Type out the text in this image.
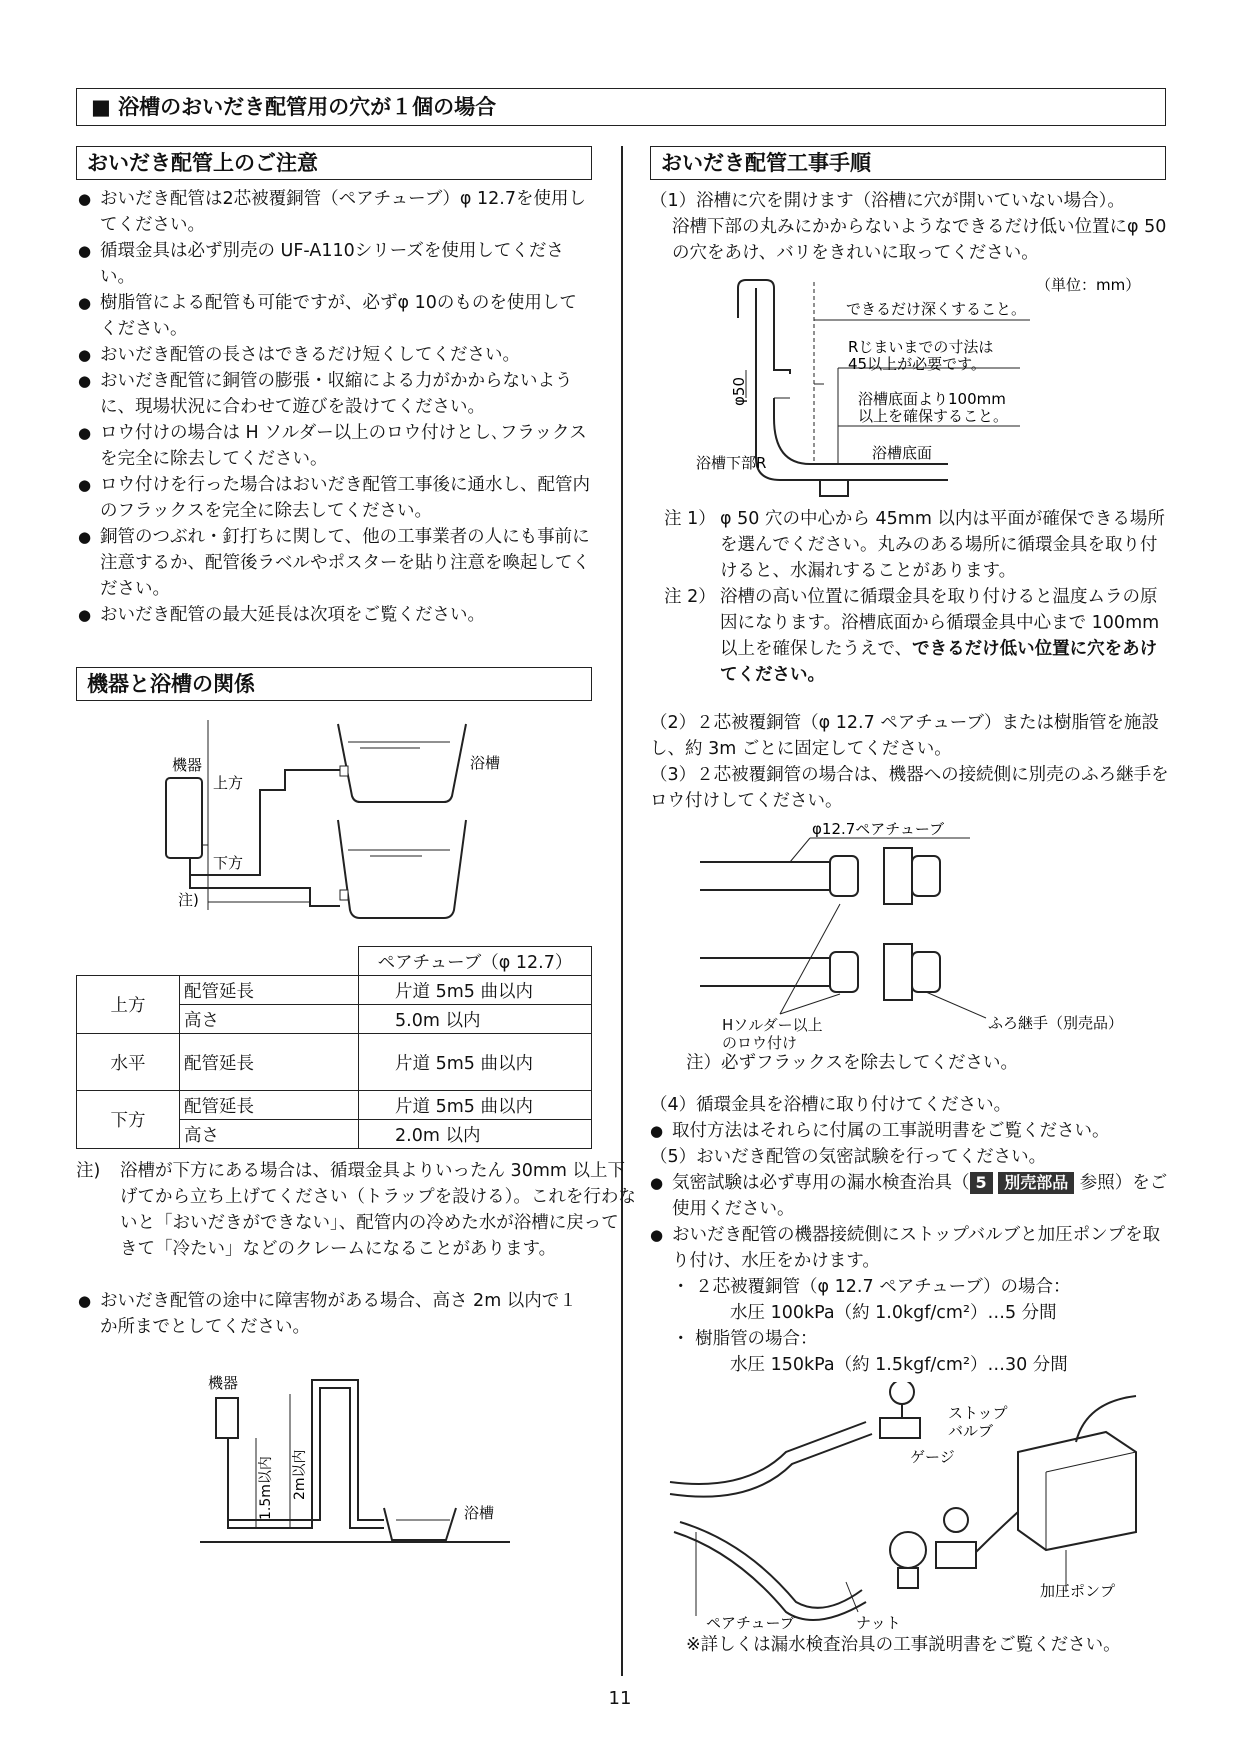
■ 浴槽のおいだき配管用の穴が１個の場合
おいだき配管上のご注意
● おいだき配管は2芯被覆銅管（ペアチューブ）φ 12.7を使用してください。
● 循環金具は必ず別売の UF-A110シリーズを使用してください。
● 樹脂管による配管も可能ですが、必ずφ 10のものを使用してください。
● おいだき配管の長さはできるだけ短くしてください。
● おいだき配管に銅管の膨張・収縮による力がかからないように、現場状況に合わせて遊びを設けてください。
● ロウ付けの場合は H ソルダー以上のロウ付けとし､フラックスを完全に除去してください。
● ロウ付けを行った場合はおいだき配管工事後に通水し、配管内のフラックスを完全に除去してください。
● 銅管のつぶれ・釘打ちに関して、他の工事業者の人にも事前に注意するか、配管後ラベルやポスターを貼り注意を喚起してください。
● おいだき配管の最大延長は次項をご覧ください。
機器と浴槽の関係
機器
上方
下方
注)
浴槽
		ペアチューブ（φ 12.7）
上方	配管延長	片道 5m5 曲以内
	高さ	5.0m 以内
水平	配管延長	片道 5m5 曲以内
下方	配管延長	片道 5m5 曲以内
	高さ	2.0m 以内
注) 浴槽が下方にある場合は、循環金具よりいったん 30mm 以上下げてから立ち上げてください（トラップを設ける）。これを行わないと「おいだきができない」、配管内の冷めた水が浴槽に戻ってきて「冷たい」などのクレームになることがあります。
● おいだき配管の途中に障害物がある場合、高さ 2m 以内で１か所までとしてください。
機器
1.5m以内 2m以内
浴槽
おいだき配管工事手順
（1）浴槽に穴を開けます（浴槽に穴が開いていない場合）。
浴槽下部の丸みにかからないようなできるだけ低い位置にφ 50 の穴をあけ、バリをきれいに取ってください。
（単位：mm）
できるだけ深くすること。
Rじまいまでの寸法は
45以上が必要です。
浴槽底面より100mm
以上を確保すること。
φ50
浴槽下部R
浴槽底面
注 1） φ 50 穴の中心から 45mm 以内は平面が確保できる場所を選んでください。丸みのある場所に循環金具を取り付けると、水漏れすることがあります。
注 2） 浴槽の高い位置に循環金具を取り付けると温度ムラの原因になります。浴槽底面から循環金具中心まで 100mm 以上を確保したうえで、できるだけ低い位置に穴をあけてください。
（2）２芯被覆銅管（φ 12.7 ペアチューブ）または樹脂管を施設し、約 3m ごとに固定してください。
（3）２芯被覆銅管の場合は、機器への接続側に別売のふろ継手をロウ付けしてください。
φ12.7ペアチューブ
ふろ継手（別売品）
Hソルダー以上
のロウ付け
注）必ずフラックスを除去してください。
（4）循環金具を浴槽に取り付けてください。
● 取付方法はそれらに付属の工事説明書をご覧ください。
（5）おいだき配管の気密試験を行ってください。
● 気密試験は必ず専用の漏水検査治具（ 5 別売部品 参照）をご使用ください。
● おいだき配管の機器接続側にストップバルブと加圧ポンプを取り付け、水圧をかけます。
・ ２芯被覆銅管（φ 12.7 ペアチューブ）の場合：
水圧 100kPa（約 1.0kgf/cm²）…5 分間
・ 樹脂管の場合：
水圧 150kPa（約 1.5kgf/cm²）…30 分間
ストップ
バルブ
ゲージ
加圧ポンプ
ペアチューブ	ナット
※詳しくは漏水検査治具の工事説明書をご覧ください。
11
